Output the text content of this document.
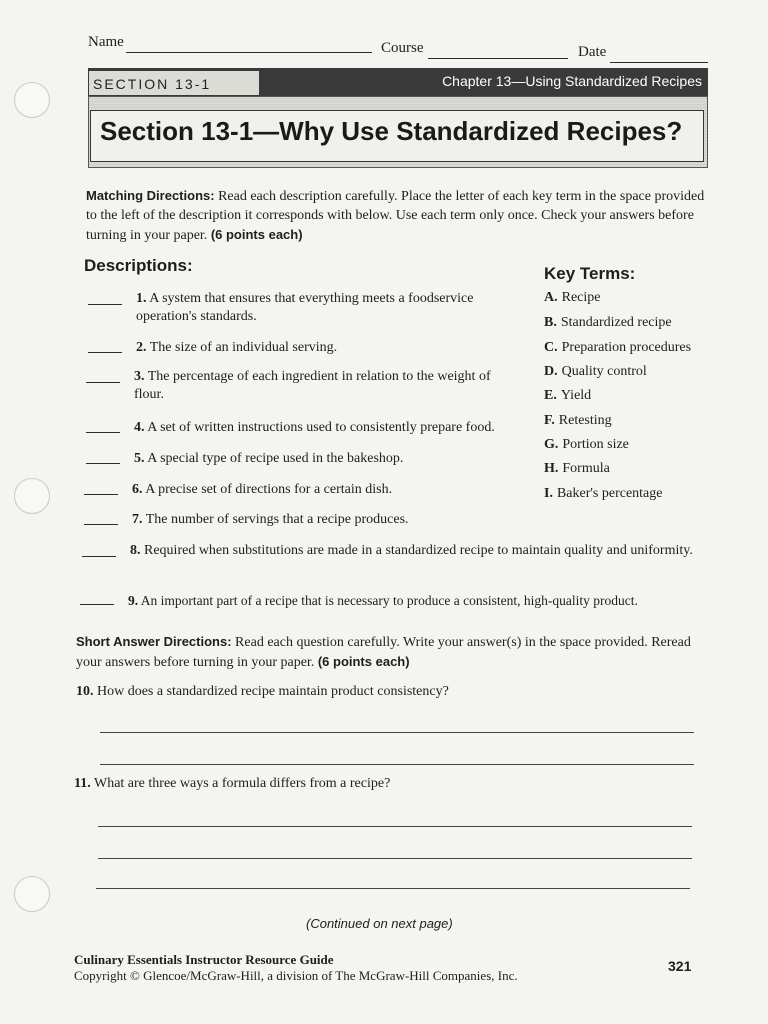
Name	Course	Date
SECTION 13-1	Chapter 13—Using Standardized Recipes
Section 13-1—Why Use Standardized Recipes?
Matching Directions: Read each description carefully. Place the letter of each key term in the space provided to the left of the description it corresponds with below. Use each term only once. Check your answers before turning in your paper. (6 points each)
Descriptions:	Key Terms:
1. A system that ensures that everything meets a foodservice operation's standards.
2. The size of an individual serving.
3. The percentage of each ingredient in relation to the weight of flour.
4. A set of written instructions used to consistently prepare food.
5. A special type of recipe used in the bakeshop.
6. A precise set of directions for a certain dish.
7. The number of servings that a recipe produces.
8. Required when substitutions are made in a standardized recipe to maintain quality and uniformity.
9. An important part of a recipe that is necessary to produce a consistent, high-quality product.
A. Recipe
B. Standardized recipe
C. Preparation procedures
D. Quality control
E. Yield
F. Retesting
G. Portion size
H. Formula
I. Baker's percentage
Short Answer Directions: Read each question carefully. Write your answer(s) in the space provided. Reread your answers before turning in your paper. (6 points each)
10. How does a standardized recipe maintain product consistency?
11. What are three ways a formula differs from a recipe?
(Continued on next page)
Culinary Essentials Instructor Resource Guide
Copyright © Glencoe/McGraw-Hill, a division of The McGraw-Hill Companies, Inc.
321
